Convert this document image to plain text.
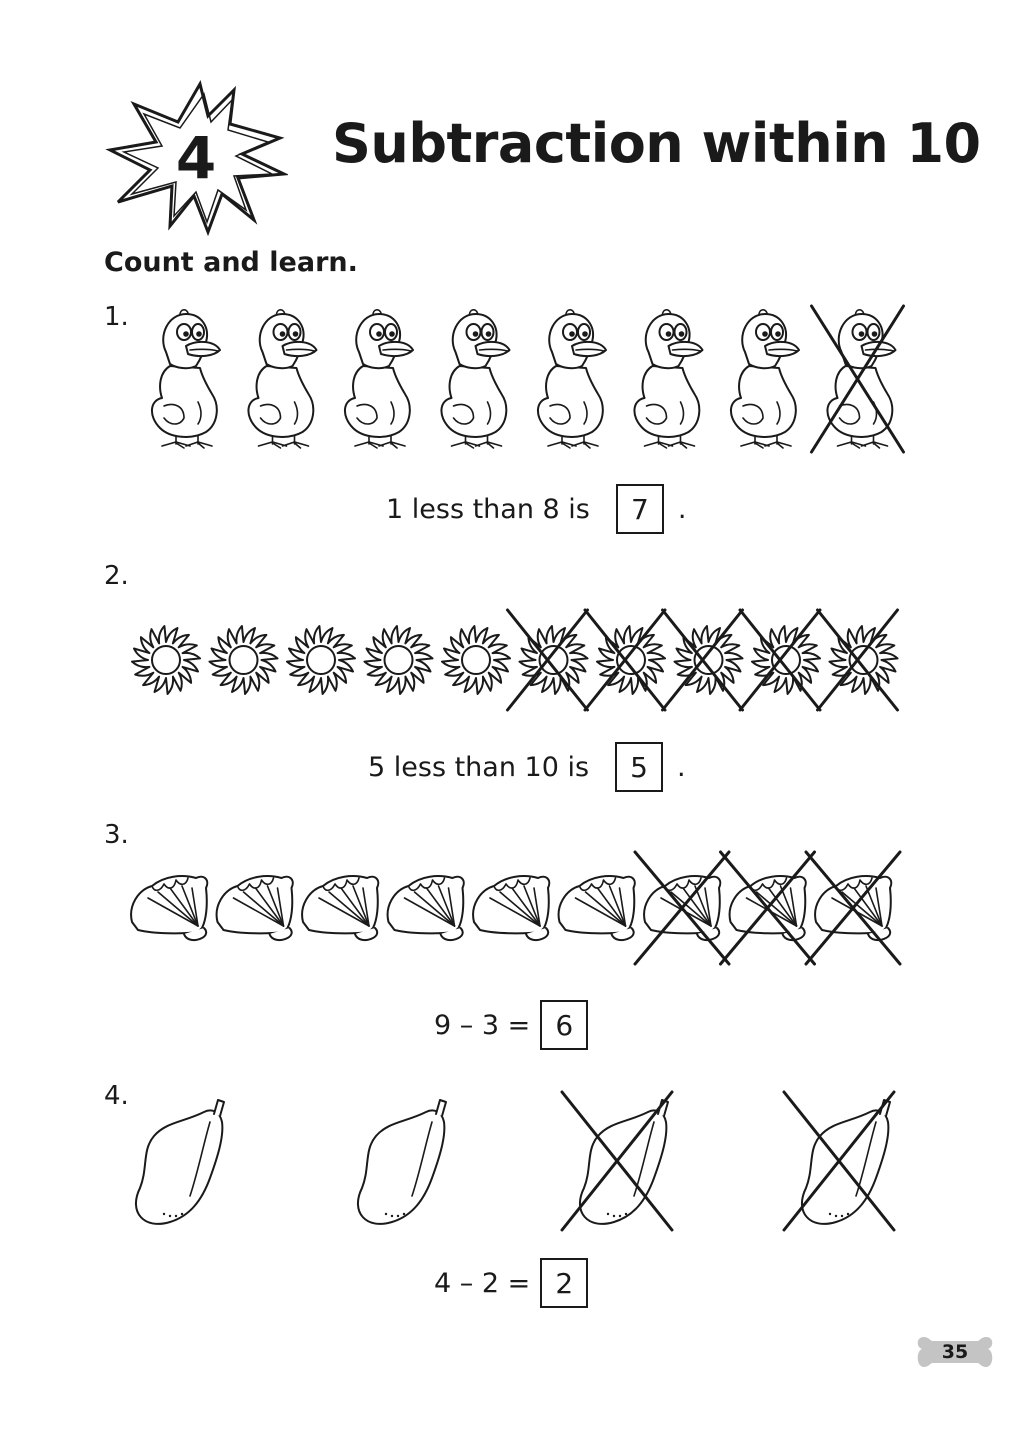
4	Subtraction within 10
Count and learn.
1.
1 less than 8 is	7	.
2.
5 less than 10 is	5	.
3.
9 – 3 = 6
4.
4 – 2 = 2
35
